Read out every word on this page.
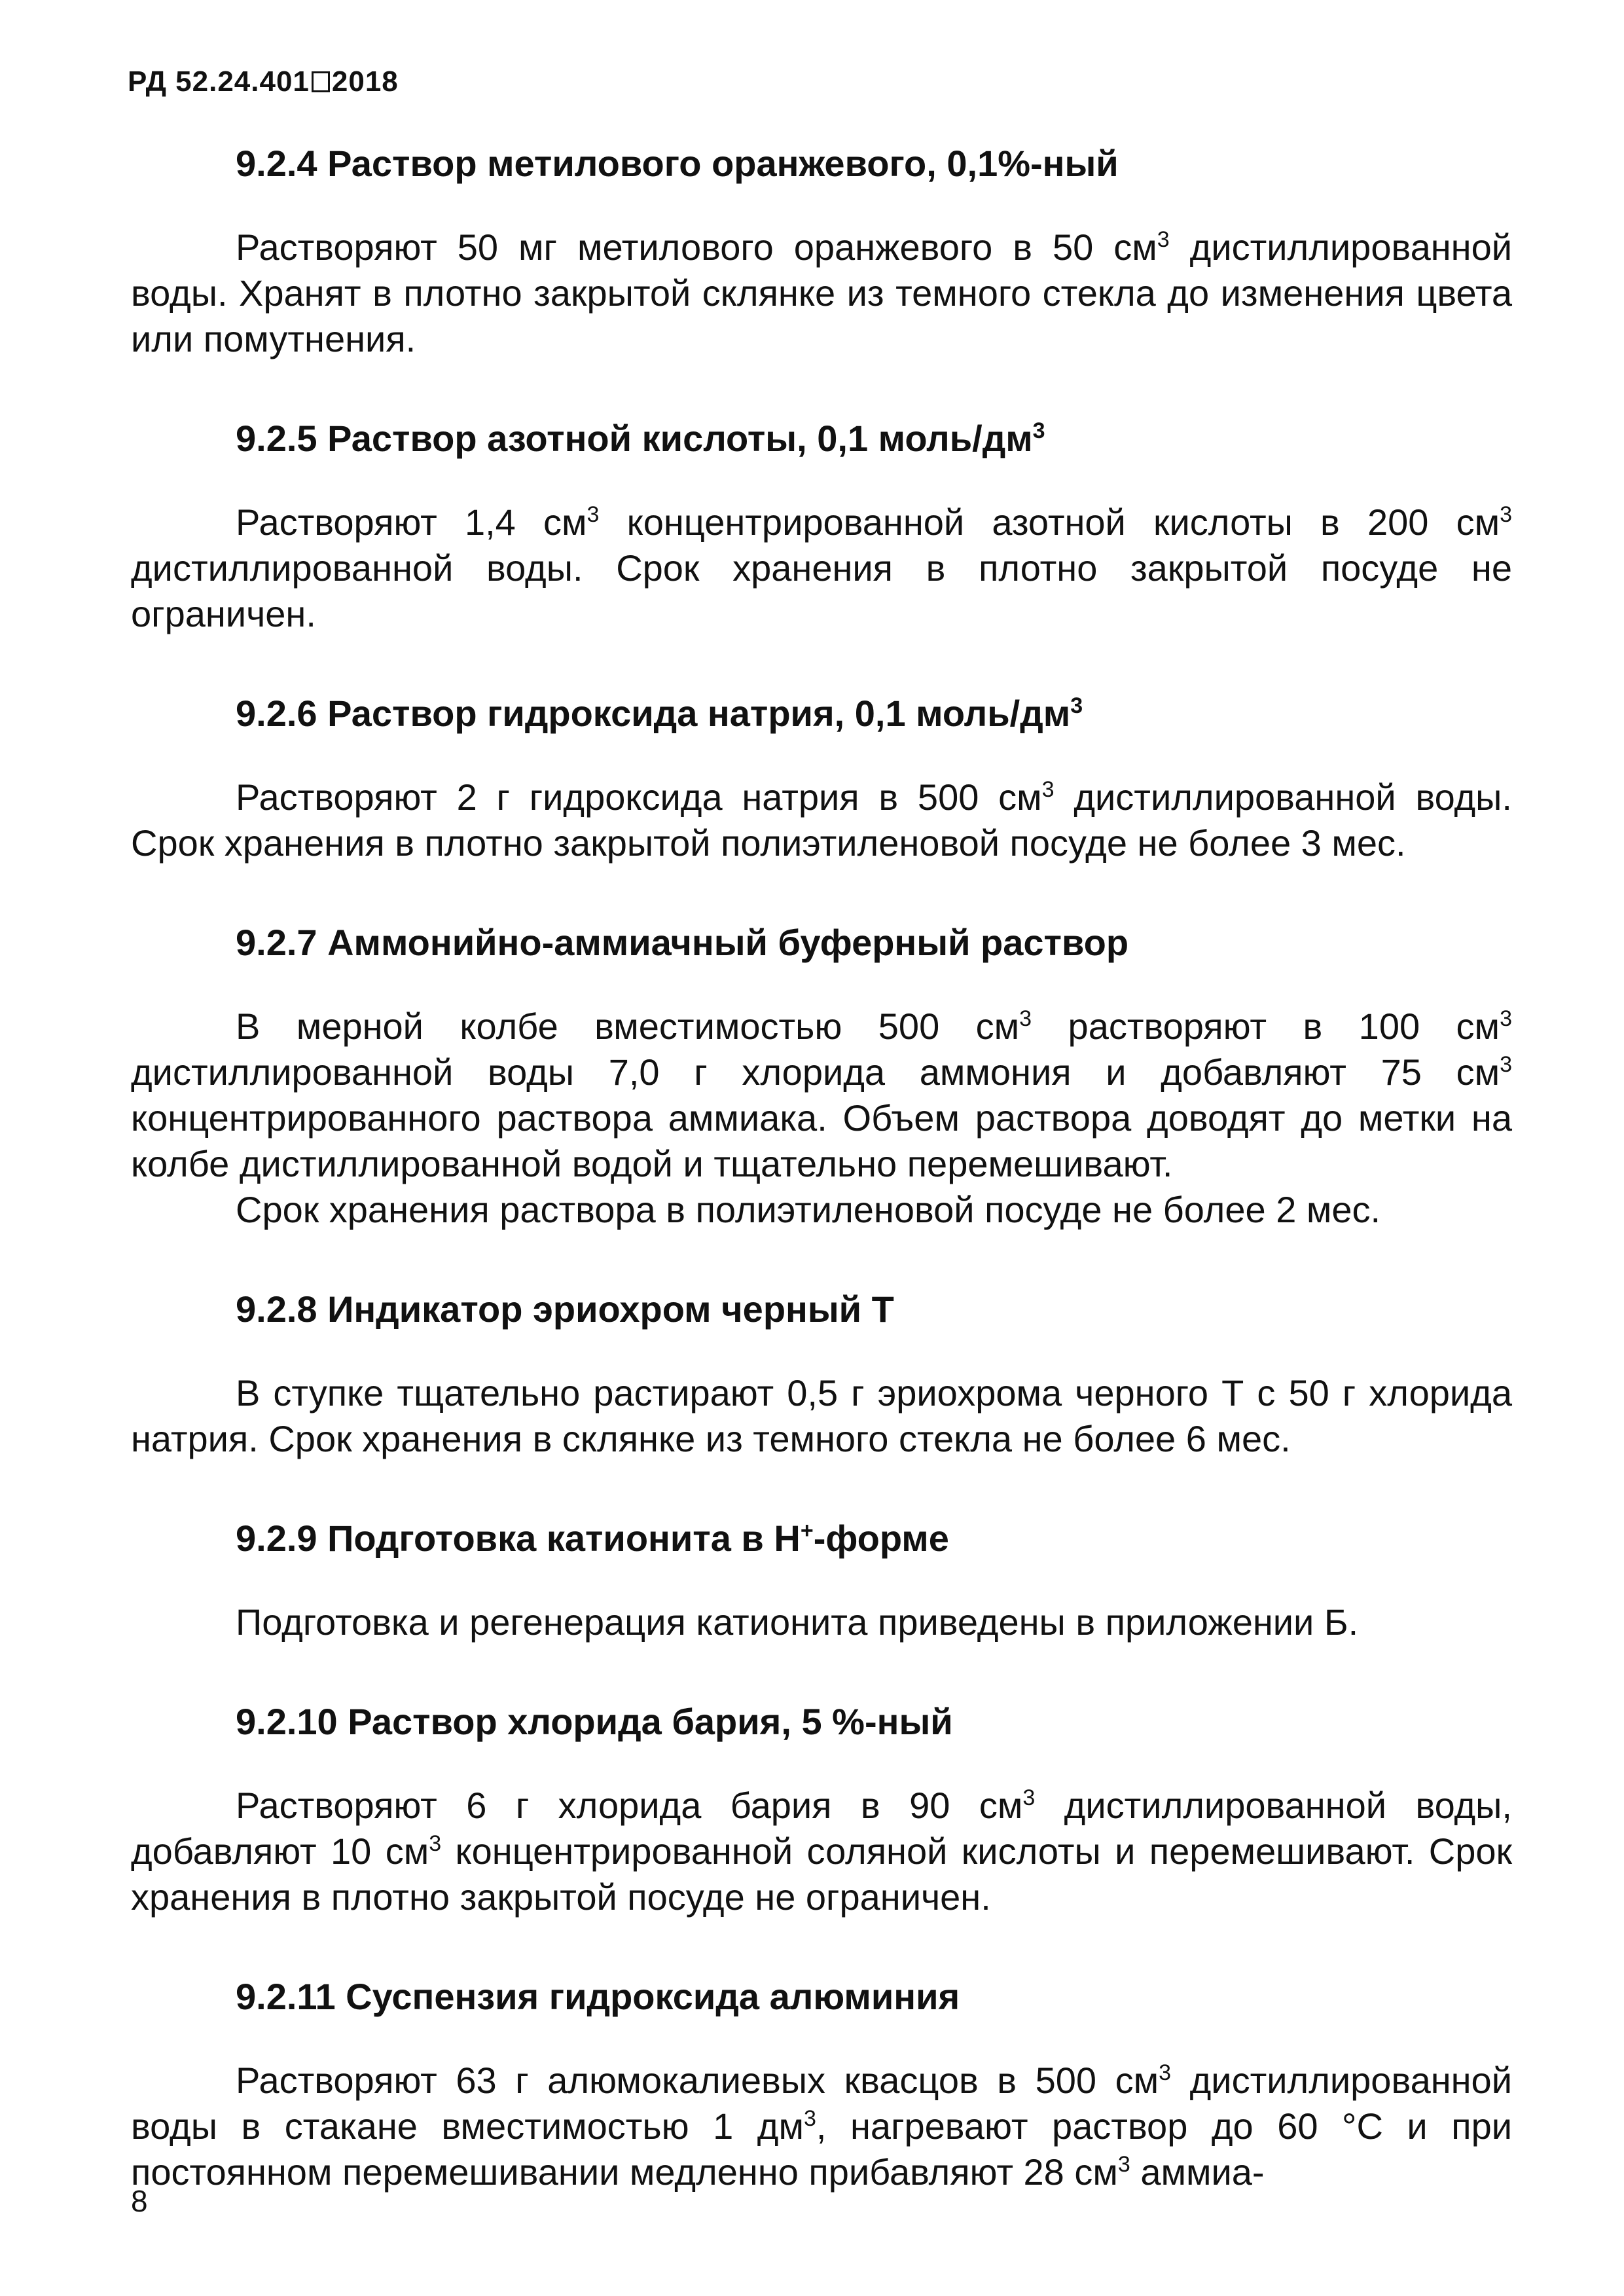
РД 52.24.401 2018
9.2.4 Раствор метилового оранжевого, 0,1%-ный

Растворяют 50 мг метилового оранжевого в 50 $см^3$ дистиллированной воды. Хранят в плотно закрытой склянке из темного стекла до изменения цвета или помутнения.

9.2.5 Раствор азотной кислоты, 0,1 моль/$дм^3$

Растворяют 1,4 $см^3$ концентрированной азотной кислоты в 200 $см^3$ дистиллированной воды. Срок хранения в плотно закрытой посуде не ограничен.

9.2.6 Раствор гидроксида натрия, 0,1 моль/$дм^3$

Растворяют 2 г гидроксида натрия в 500 $см^3$ дистиллированной воды. Срок хранения в плотно закрытой полиэтиленовой посуде не более 3 мес.

9.2.7 Аммонийно-аммиачный буферный раствор

В мерной колбе вместимостью 500 $см^3$ растворяют в 100 $см^3$ дистиллированной воды 7,0 г хлорида аммония и добавляют 75 $см^3$ концентрированного раствора аммиака. Объем раствора доводят до метки на колбе дистиллированной водой и тщательно перемешивают.

Срок хранения раствора в полиэтиленовой посуде не более 2 мес.

9.2.8 Индикатор эриохром черный Т

В ступке тщательно растирают 0,5 г эриохрома черного Т с 50 г хлорида натрия. Срок хранения в склянке из темного стекла не более 6 мес.

9.2.9 Подготовка катионита в H+-форме

Подготовка и регенерация катионита приведены в приложении Б.

9.2.10 Раствор хлорида бария, 5 %-ный

Растворяют 6 г хлорида бария в 90 $см^3$ дистиллированной воды, добавляют 10 $см^3$ концентрированной соляной кислоты и перемешивают. Срок хранения в плотно закрытой посуде не ограничен.

9.2.11 Суспензия гидроксида алюминия

Растворяют 63 г алюмокалиевых квасцов в 500 $см^3$ дистиллированной воды в стакане вместимостью 1 $дм^3$, нагревают раствор до 60 °C и при постоянном перемешивании медленно прибавляют 28 $см^3$ аммиа-

8
